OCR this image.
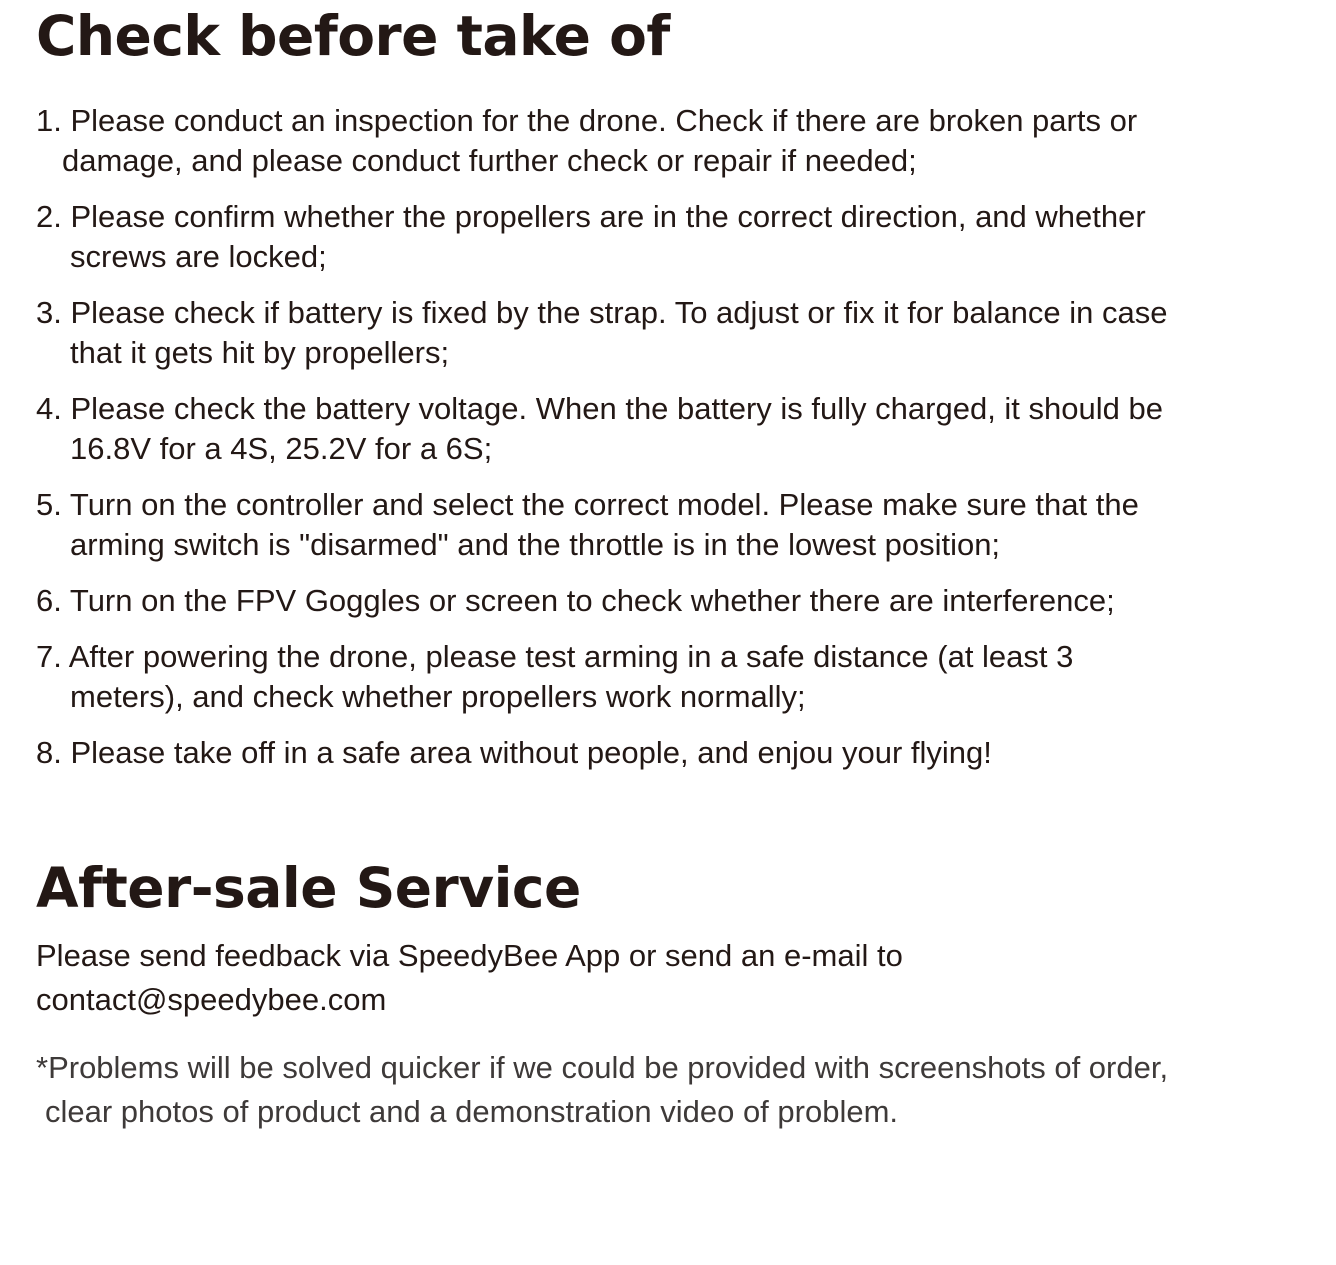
Check before take of
1. Please conduct an inspection for the drone. Check if there are broken parts or
damage, and please conduct further check or repair if needed;
2. Please confirm whether the propellers are in the correct direction, and whether
screws are locked;
3. Please check if battery is fixed by the strap. To adjust or fix it for balance in case
that it gets hit by propellers;
4. Please check the battery voltage. When the battery is fully charged, it should be
16.8V for a 4S, 25.2V for a 6S;
5. Turn on the controller and select the correct model. Please make sure that the
arming switch is "disarmed" and the throttle is in the lowest position;
6. Turn on the FPV Goggles or screen to check whether there are interference;
7. After powering the drone, please test arming in a safe distance (at least 3
meters), and check whether propellers work normally;
8. Please take off in a safe area without people, and enjou your flying!
After-sale Service
Please send feedback via SpeedyBee App or send an e-mail to
contact@speedybee.com
*Problems will be solved quicker if we could be provided with screenshots of order,
clear photos of product and a demonstration video of problem.
